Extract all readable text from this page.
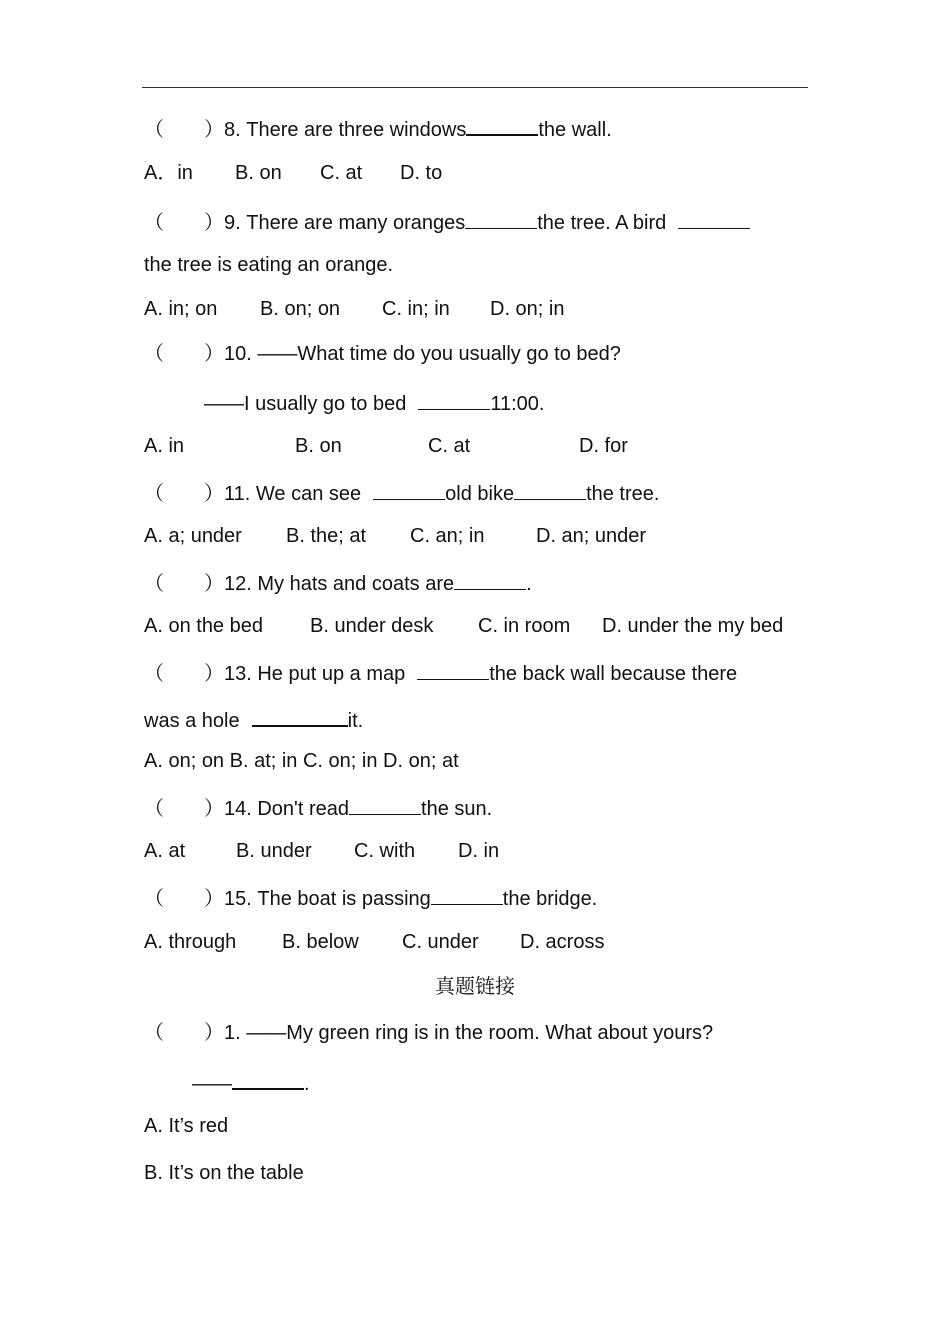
（　　）8. There are three windows	the wall.
A．in B. on C. at D. to
（　　）9. There are many oranges	the tree. A bird
the tree is eating an orange.
A. in; on B. on; on C. in; in D. on; in
（　　）10. ——What time do you usually go to bed?
——I usually go to bed	11:00.
A. in	B. on	C. at	D. for
（　　）11. We can see	old bike	the tree.
A. a; under B. the; at C. an; in	D. an; under
（　　）12. My hats and coats are	.
A. on the bed B. under desk C. in room D. under the my bed
（　　）13. He put up a map	the back wall because there
was a hole	it.
A. on; on B. at; in C. on; in D. on; at
（　　）14. Don't read	the sun.
A. at	B. under C. with D. in
（　　）15. The boat is passing	the bridge.
A. through B. below C. under D. across
真题链接
（　　）1. ——My green ring is in the room. What about yours?
——	.
A. It’s red
B. It’s on the table
